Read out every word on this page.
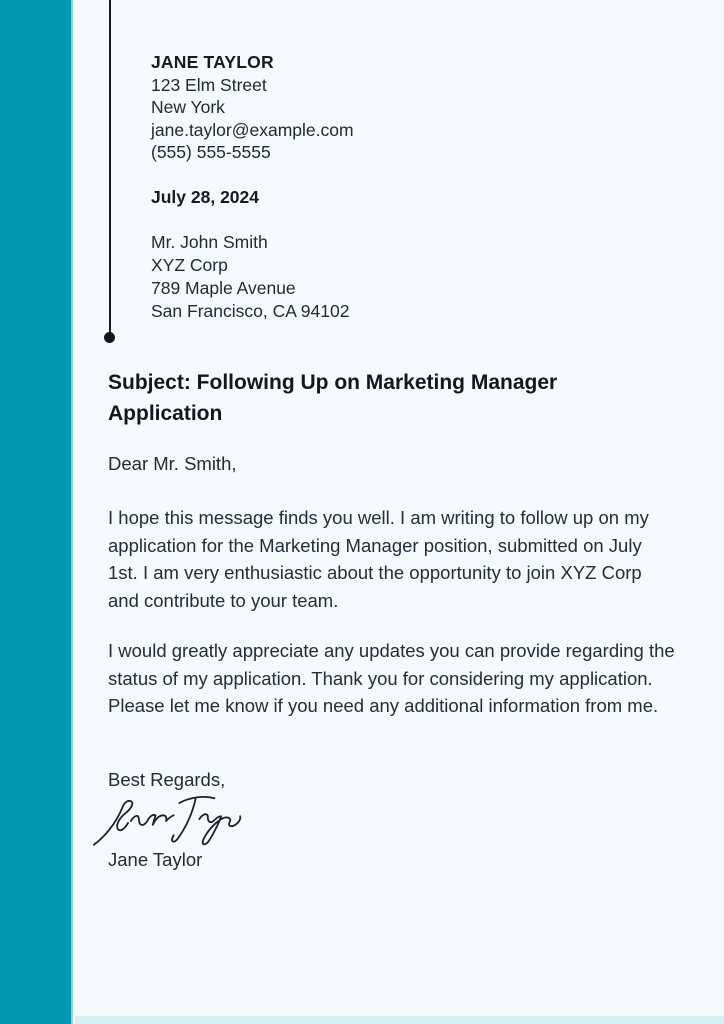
JANE TAYLOR
123 Elm Street
New York
jane.taylor@example.com
(555) 555-5555
July 28, 2024
Mr. John Smith
XYZ Corp
789 Maple Avenue
San Francisco, CA 94102
Subject: Following Up on Marketing Manager Application
Dear Mr. Smith,
I hope this message finds you well. I am writing to follow up on my application for the Marketing Manager position, submitted on July 1st. I am very enthusiastic about the opportunity to join XYZ Corp and contribute to your team.
I would greatly appreciate any updates you can provide regarding the status of my application. Thank you for considering my application. Please let me know if you need any additional information from me.
Best Regards,
Jane Taylor
